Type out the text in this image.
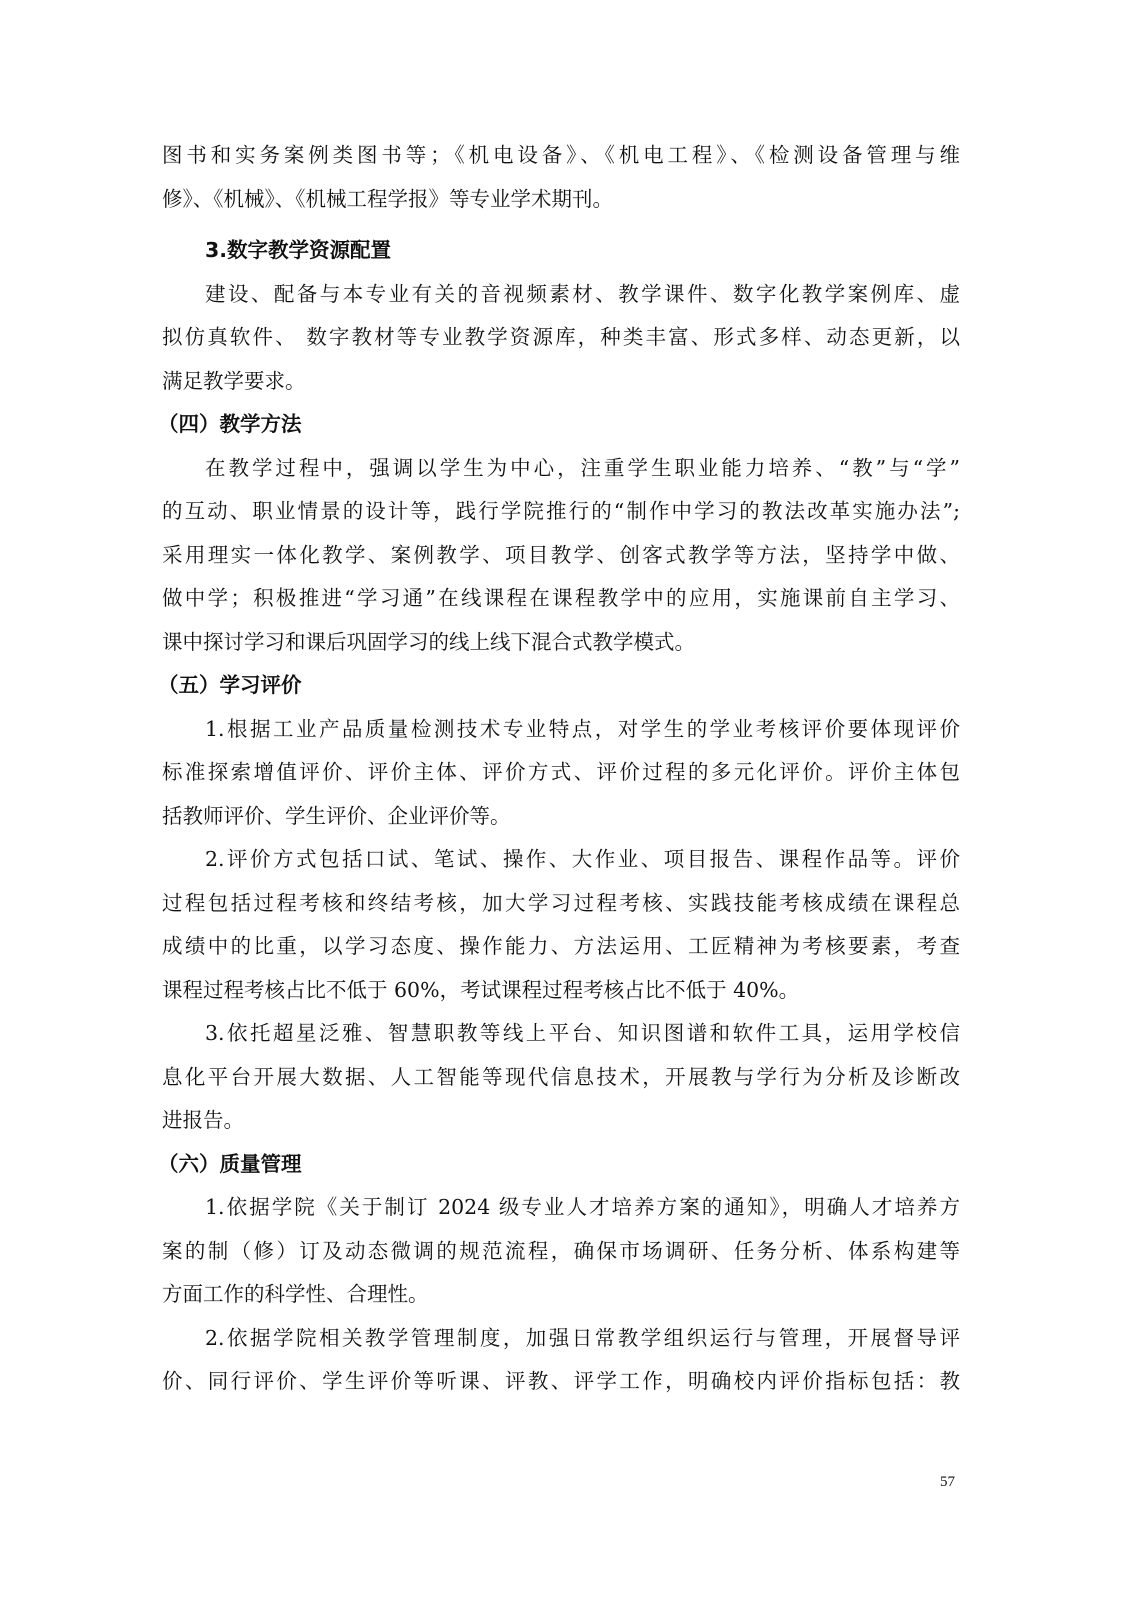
图书和实务案例类图书等；《机电设备》、《机电工程》、《检测设备管理与维
修》、《机械》、《机械工程学报》等专业学术期刊。
3.数字教学资源配置
建设、配备与本专业有关的音视频素材、教学课件、数字化教学案例库、虚
拟仿真软件、 数字教材等专业教学资源库，种类丰富、形式多样、动态更新，以
满足教学要求。
（四）教学方法
在教学过程中，强调以学生为中心，注重学生职业能力培养、“教”与“学”
的互动、职业情景的设计等，践行学院推行的“制作中学习的教法改革实施办法”;
采用理实一体化教学、案例教学、项目教学、创客式教学等方法，坚持学中做、
做中学；积极推进“学习通”在线课程在课程教学中的应用，实施课前自主学习、
课中探讨学习和课后巩固学习的线上线下混合式教学模式。
（五）学习评价
1.根据工业产品质量检测技术专业特点，对学生的学业考核评价要体现评价
标准探索增值评价、评价主体、评价方式、评价过程的多元化评价。评价主体包
括教师评价、学生评价、企业评价等。
2.评价方式包括口试、笔试、操作、大作业、项目报告、课程作品等。评价
过程包括过程考核和终结考核，加大学习过程考核、实践技能考核成绩在课程总
成绩中的比重，以学习态度、操作能力、方法运用、工匠精神为考核要素，考查
课程过程考核占比不低于 60%，考试课程过程考核占比不低于 40%。
3.依托超星泛雅、智慧职教等线上平台、知识图谱和软件工具，运用学校信
息化平台开展大数据、人工智能等现代信息技术，开展教与学行为分析及诊断改
进报告。
（六）质量管理
1.依据学院《关于制订 2024 级专业人才培养方案的通知》，明确人才培养方
案的制（修）订及动态微调的规范流程，确保市场调研、任务分析、体系构建等
方面工作的科学性、合理性。
2.依据学院相关教学管理制度，加强日常教学组织运行与管理，开展督导评
价、同行评价、学生评价等听课、评教、评学工作，明确校内评价指标包括：教
57
